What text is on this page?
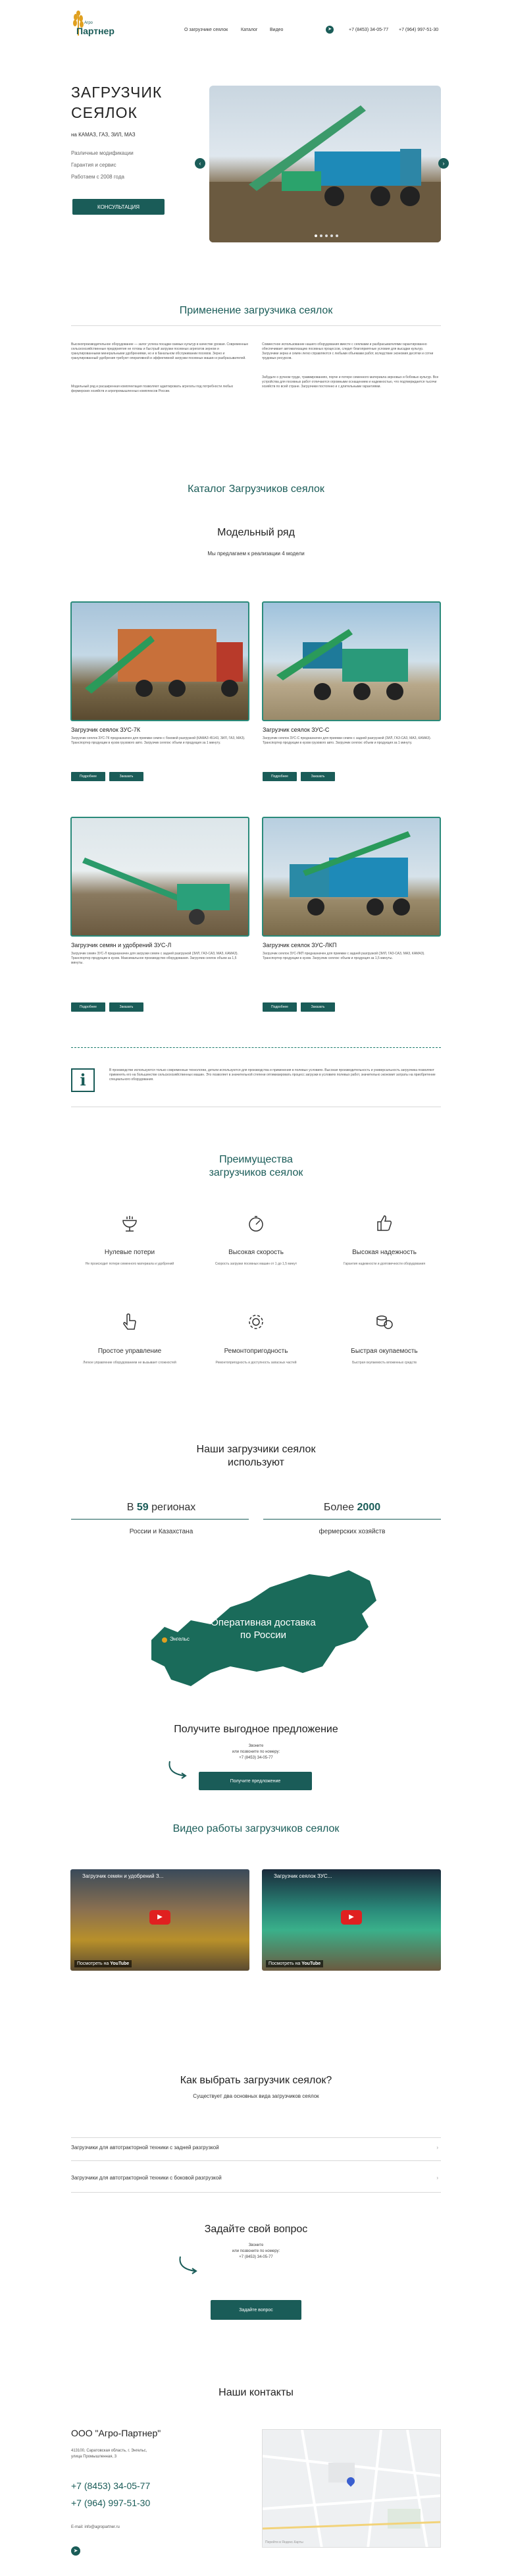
Агро
Партнер	О загрузчике сеялок	Каталог	Видео	➤	+7 (8453) 34-05-77 +7 (964) 997-51-30
ЗАГРУЗЧИК
СЕЯЛОК
на КАМАЗ, ГАЗ, ЗИЛ, МАЗ
Различные модификации
Гарантия и сервис
Работаем с 2008 года
КОНСУЛЬТАЦИЯ
‹	›
Применение загрузчика сеялок
Высокопроизводительное оборудование — залог успеха посадки озимых культур в качестве урожая. Современные сельскохозяйственные предприятия не готовы и быстрый загрузки посевных агрегатов зерном и гранулированными минеральными удобрениями, но и в банальном обслуживании посевов. Зерно и гранулированный удобрения требуют оперативной и эффективной загрузки посевных машин и разбрасывателей.
Модельный ряд и расширенная комплектация позволяют адаптировать агрегаты под потребности любых фермерских хозяйств и агропромышленных комплексов России.
Совместное использование нашего оборудования вместе с сеялками и разбрасывателями гарантированно обеспечивает автоматизацию посевных процессов, следит благоприятные условия для высадки культур. Загрузчики зерна и семян легко справляются с любыми объемами работ, вследствие экономия десятки и сотни трудовых ресурсов.
Забудьте о ручном труде, травмированиях, порче и потере семенного материала зерновых и бобовых культур. Все устройства для посевных работ отличаются огромными оснащением и надежностью, что подтверждается тысячи хозяйств по всей стране. Загрузчики постоянно и с длительными гарантиями.
Каталог Загрузчиков сеялок
Модельный ряд
Мы предлагаем к реализации 4 модели
Загрузчик сеялок ЗУС-7К
Загрузчик сеялок ЗУС-7К предназначен для приемки семян с боковой разгрузкой (КАМАЗ 45143, ЗИЛ, ГАЗ, МАЗ). Транспортер продукции в кузов грузового авто. Загрузчик сеялок: объем и продукция за 1 минуту.
Подробнее	Заказать
Загрузчик сеялок ЗУС-С
Загрузчик сеялок ЗУС-С предназначен для приемки семян с задней разгрузкой (ЗИЛ, ГАЗ-САЗ, МАЗ, КАМАЗ). Транспортер продукции в кузов грузового авто. Загрузчик сеялок: объем и продукция за 1 минуту.
Подробнее	Заказать
Загрузчик семян и удобрений ЗУС-Л
Загрузчик семян ЗУС-Л предназначен для загрузки семян с задней разгрузкой (ЗИЛ, ГАЗ-САЗ, МАЗ, КАМАЗ). Транспортер продукции в кузов. Максимальное производство оборудования. Загрузчик сеялок объем за 1,5 минуты.
Подробнее	Заказать
Загрузчик сеялок ЗУС-ЛКП
Загрузчик сеялок ЗУС-ЛКП предназначен для приемки с задней разгрузкой (ЗИЛ, ГАЗ-САЗ, МАЗ, КАМАЗ). Транспортер продукции в кузов. Загрузчик сеялок: объем и продукция за 1,5 минуты.
Подробнее	Заказать
i	В производстве используются только современные технологии, детали используются для производства и применения в полевых условиях. Высокая производительность и универсальность загрузчика позволяют применять его на большинстве сельскохозяйственных машин. Это позволяет в значительной степени оптимизировать процесс загрузки в условиях полевых работ, значительно экономит затраты на приобретение специального оборудования.
Преимущества
загрузчиков сеялок
Нулевые потери
Не происходит потери семенного материала и удобрений
Высокая скорость
Скорость загрузки посевных машин от 1 до 1,5 минут
Высокая надежность
Гарантия надежности и долговечности оборудования
Простое управление
Легкое управление оборудованием не вызывает сложностей
Ремонтопригодность
Ремонтопригодность и доступность запасных частей
Быстрая окупаемость
Быстрая окупаемость вложенных средств
Наши загрузчики сеялок
используют
В 59 регионах
России и Казахстана
Более 2000
фермерских хозяйств
Энгельс
Оперативная доставка
по России
Получите выгодное предложение
Звоните
или позвоните по номеру:
+7 (8453) 34-05-77
Получите предложение
Видео работы загрузчиков сеялок
Загрузчик семян и удобрений З...
▶
Посмотреть на YouTube
Загрузчик сеялок ЗУС...
▶
Посмотреть на YouTube
Как выбрать загрузчик сеялок?
Существует два основных вида загрузчиков сеялок
Загрузчики для автотракторной техники с задней разгрузкой	›
Загрузчики для автотракторной техники с боковой разгрузкой	›
Задайте свой вопрос
Звоните
или позвоните по номеру:
+7 (8453) 34-05-77
Задайте вопрос
Наши контакты
ООО "Агро-Партнер"
413100, Саратовская область, г. Энгельс,
улица Промышленная, 3
+7 (8453) 34-05-77
+7 (964) 997-51-30
E-mail: info@agropartner.ru
➤
Перейти в Яндекс.Карты
